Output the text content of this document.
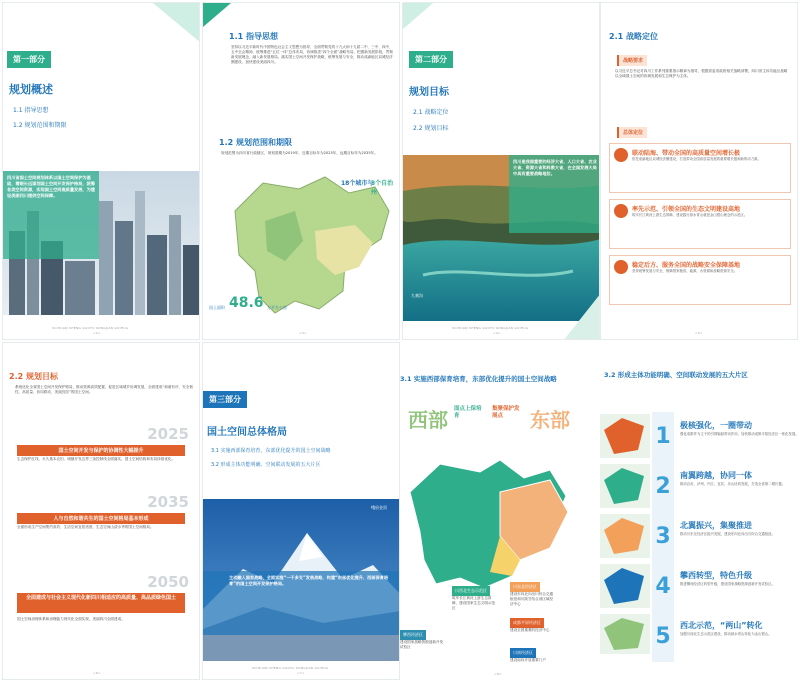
第一部分
规划概述
1.1 指导思想
1.2 规划范围和期限
四川省国土空间规划体系以国土空间保护为基础，着眼长远谋划国土空间开发保护格局，统筹各类空间资源，实现国土空间高质量发展，为建设美丽四川提供空间保障。
<2>
1.1 指导思想
坚持以习近平新时代中国特色社会主义思想为指导，全面贯彻党的十九大和十九届二中、三中、四中、五中全会精神，统筹推进“五位一体”总体布局，协调推进“四个全面”战略布局，把握新发展阶段，贯彻新发展理念，融入新发展格局。落实国土空间开发保护战略，统筹发展与安全，推动成渝地区双城经济圈建设，加快建设美丽四川。
1.2 规划范围和期限
规划范围为四川省行政辖区，规划基期为2019年，近期目标年为2025年，远期目标年为2035年。
18个城市与
3个自治州
国土面积 48.6 万平方公里
<3>
第二部分
规划目标
2.1 战略定位
2.2 规划目标
四川是我国重要的经济大省、人口大省、农业大省、资源大省和科教大省，在全国发展大局中具有重要战略地位。
九寨沟
<4>
2.1 战略定位
战略要求
以习近平总书记对四川工作系列重要指示精神为指导，根据省委省政府相关战略部署，四川省主体功能区战略以全域国土空间的协调发展和生态保护为主体。
总体定位
联动陆海、带动全国的高质量空间增长极
依托成渝地区双城经济圈建设，打造带动全国高质量发展的重要增长极和新的动力源。
率先示范、引领全国的生态文明建设高地
筑牢长江黄河上游生态屏障，建设践行绿水青山就是金山银山理念的示范区。
稳定后方、服务全国的战略安全保障基地
坚持统筹发展与安全，保障国家粮食、能源、水资源和战略资源安全。
<5>
2.2 规划目标
系统优化全省国土空间开发保护格局，推动资源高效配置，促进区域城乡协调发展，全面建成“和谐有序、安全韧性、高质量、协同联动、美丽宜居”的国土空间。
2025
国土空间开发与保护的协调性大幅提升
生态保护红线、永久基本农田、城镇开发边界三条控制线全面落实，国土空间结构和布局持续优化。
2035
人与自然和谐共生的国土空间格局基本形成
全面形成生产空间集约高效、生活空间宜居适度、生态空间山清水秀的国土空间格局。
2050
全面建成与社会主义现代化新四川相适应的高质量、高品质绿色国土
国土空间治理体系和治理能力现代化全面实现，美丽四川全面建成。
<6>
第三部分
国土空间总体格局
3.1 实施西部保育培育，东部优化提升的国土空间战略
3.2 形成主体功能明确、空间联动发展的五大片区
主动融入国家战略，全面实施“一干多支”发展战略，构建“东部优化提升、西部保育培育”的国土空间开发保护格局。
峨眉金顶
<7>
3.1 实施西部保育培育，东部优化提升的国土空间战略
西部 面点上保培育
集聚保护发展点	东部
川西北生态示范区
筑牢长江黄河上游生态屏障，建设国家生态文明示范区
川东北经济区
建设东向北向出川综合交通枢纽和川陕甘结合部区域经济中心
成都平原经济区
建设全国重要的经济中心
攀西经济区
建设国家战略资源创新开发试验区
川南经济区
建设南向开放重要门户
<8>
3.2 形成主体功能明确、空间联动发展的五大片区
1	极核强化，一圈带动
强化成都作为主干的引领辐射带动作用，加快推动成都平原经济区一体化发展。
2	南翼跨越，协同一体
推动自贡、泸州、内江、宜宾、乐山协同发展，打造全省第二增长极。
3	北翼振兴，集聚推进
推动川东北经济区振兴发展，建设东向北向出川综合交通枢纽。
4	攀西转型，特色升级
推进攀西经济区转型升级，建设国家战略资源创新开发试验区。
5	西北示范，“两山”转化
加强川西北生态示范区建设，推动绿水青山转化为金山银山。
SICHUAN SHENG GUOTU KONGJIAN GUIHUA	SICHUAN SHENG GUOTU KONGJIAN GUIHUA
SICHUAN SHENG GUOTU KONGJIAN GUIHUA
